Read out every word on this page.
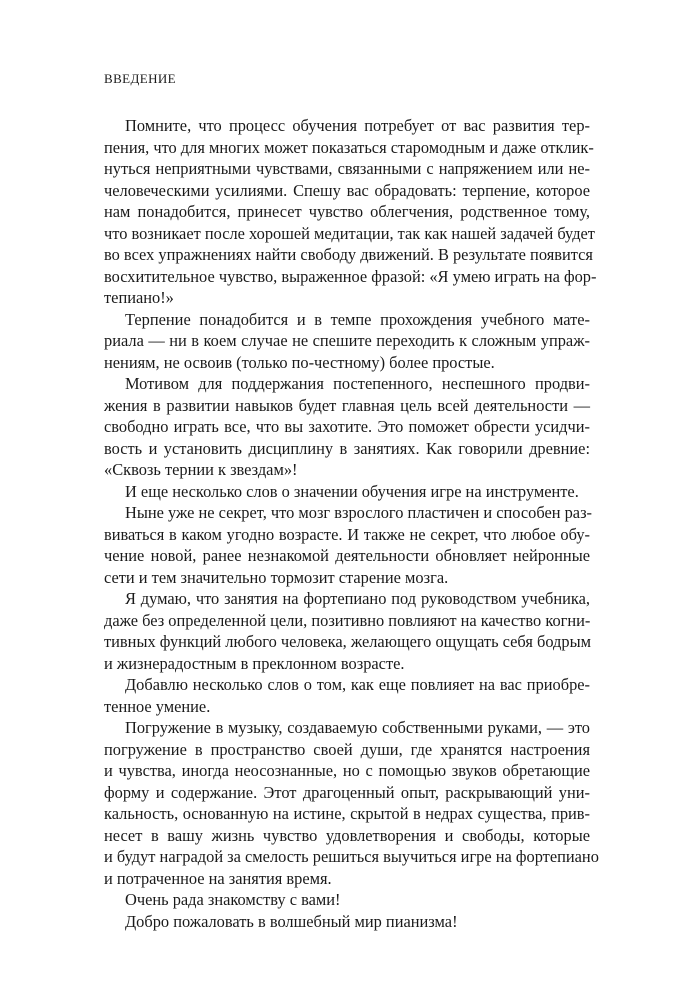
ВВЕДЕНИЕ
Помните, что процесс обучения потребует от вас развития тер-
пения, что для многих может показаться старомодным и даже отклик-
нуться неприятными чувствами, связанными с напряжением или не-
человеческими усилиями. Спешу вас обрадовать: терпение, которое
нам понадобится, принесет чувство облегчения, родственное тому,
что возникает после хорошей медитации, так как нашей задачей будет
во всех упражнениях найти свободу движений. В результате появится
восхитительное чувство, выраженное фразой: «Я умею играть на фор-
тепиано!»
Терпение понадобится и в темпе прохождения учебного мате-
риала — ни в коем случае не спешите переходить к сложным упраж-
нениям, не освоив (только по-честному) более простые.
Мотивом для поддержания постепенного, неспешного продви-
жения в развитии навыков будет главная цель всей деятельности —
свободно играть все, что вы захотите. Это поможет обрести усидчи-
вость и установить дисциплину в занятиях. Как говорили древние:
«Сквозь тернии к звездам»!
И еще несколько слов о значении обучения игре на инструменте.
Ныне уже не секрет, что мозг взрослого пластичен и способен раз-
виваться в каком угодно возрасте. И также не секрет, что любое обу-
чение новой, ранее незнакомой деятельности обновляет нейронные
сети и тем значительно тормозит старение мозга.
Я думаю, что занятия на фортепиано под руководством учебника,
даже без определенной цели, позитивно повлияют на качество когни-
тивных функций любого человека, желающего ощущать себя бодрым
и жизнерадостным в преклонном возрасте.
Добавлю несколько слов о том, как еще повлияет на вас приобре-
тенное умение.
Погружение в музыку, создаваемую собственными руками, — это
погружение в пространство своей души, где хранятся настроения
и чувства, иногда неосознанные, но с помощью звуков обретающие
форму и содержание. Этот драгоценный опыт, раскрывающий уни-
кальность, основанную на истине, скрытой в недрах существа, прив-
несет в вашу жизнь чувство удовлетворения и свободы, которые
и будут наградой за смелость решиться выучиться игре на фортепиано
и потраченное на занятия время.
Очень рада знакомству с вами!
Добро пожаловать в волшебный мир пианизма!
